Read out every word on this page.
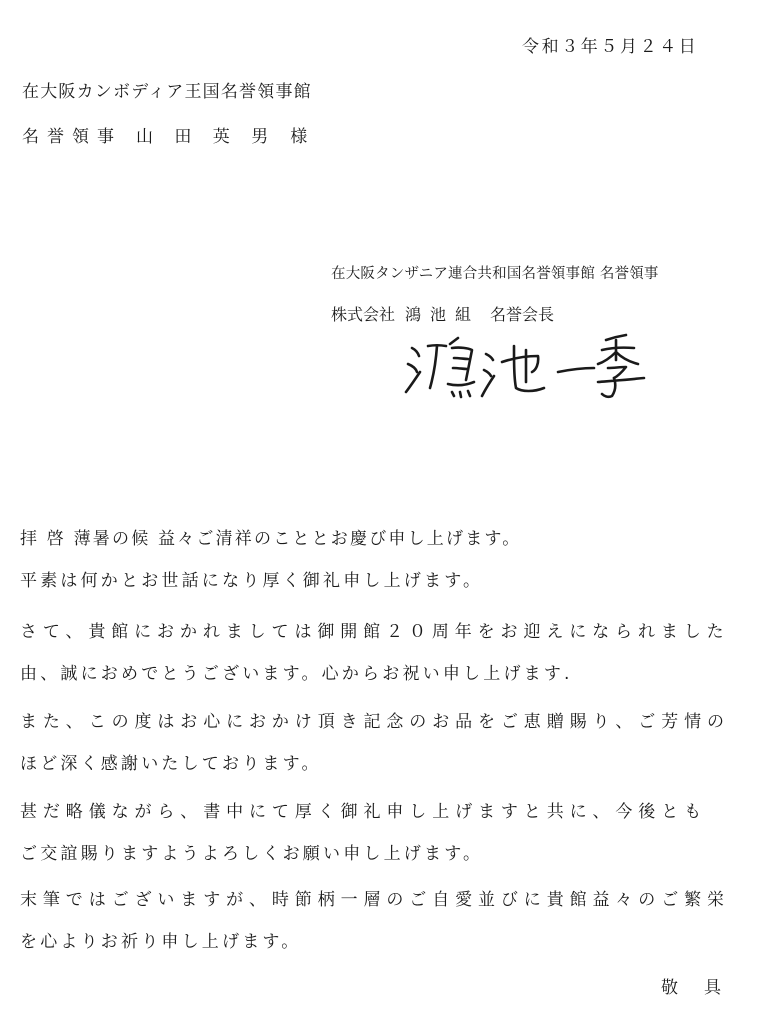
令和３年５月２４日
在大阪カンボディア王国名誉領事館
名誉領事 山 田 英 男 様
在大阪タンザニア連合共和国名誉領事館 名誉領事
株式会社 鴻池組 名誉会長
拝 啓 薄暑の候 益々ご清祥のこととお慶び申し上げます。
平素は何かとお世話になり厚く御礼申し上げます。
さて、貴館におかれましては御開館２０周年をお迎えになられました
由、誠におめでとうございます。心からお祝い申し上げます.
また、この度はお心におかけ頂き記念のお品をご恵贈賜り、ご芳情の
ほど深く感謝いたしております。
甚だ略儀ながら、書中にて厚く御礼申し上げますと共に、今後とも
ご交誼賜りますようよろしくお願い申し上げます。
末筆ではございますが、時節柄一層のご自愛並びに貴館益々のご繁栄
を心よりお祈り申し上げます。
敬 具
